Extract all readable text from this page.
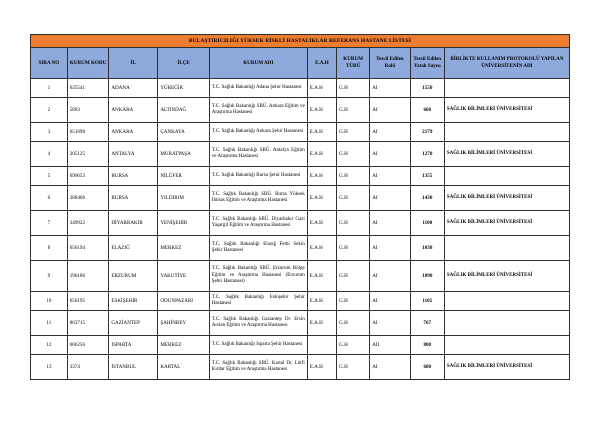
BULAŞTIRICILIĞI YÜKSEK RİSKLİ HASTALIKLAR REFERANS HASTANE LİSTESİ									
SIRA NO	KURUM KODU	İL	İLÇE	KURUM ADI	E.A.H	KURUM TÜRÜ	Tescil Edilen Rolü	Tescil Edilen Yatak Sayısı	BİRLİKTE KULLANIM PROTOKOLÜ YAPILAN ÜNİVERSİTENİN ADI
1	625541	ADANA	YÜREĞİR	T.C. Sağlık Bakanlığı Adana Şehir Hastanesi	E.A.H	G.H	AI	1550	
2	5893	ANKARA	ALTINDAĞ	T.C. Sağlık Bakanlığı SBÜ. Ankara Eğitim ve Araştırma Hastanesi	E.A.H	G.H	AI	668	SAĞLIK BİLİMLERİ ÜNİVERSİTESİ
3	651698	ANKARA	ÇANKAYA	T.C. Sağlık Bakanlığı Ankara Şehir Hastanesi	E.A.H	G.H	AI	2179	
4	205125	ANTALYA	MURATPAŞA	T.C. Sağlık Bakanlığı SBÜ. Antalya Eğitim ve Araştırma Hastanesi	E.A.H	G.H	AI	1270	SAĞLIK BİLİMLERİ ÜNİVERSİTESİ
5	690653	BURSA	NİLÜFER	T.C. Sağlık Bakanlığı Bursa Şehir Hastanesi	E.A.H	G.H	AI	1355	
6	388466	BURSA	YILDIRIM	T.C. Sağlık Bakanlığı SBÜ. Bursa Yüksek İhtisas Eğitim ve Araştırma Hastanesi	E.A.H	G.H	AI	1430	SAĞLIK BİLİMLERİ ÜNİVERSİTESİ
7	349922	DİYARBAKIR	YENİŞEHİR	T.C. Sağlık Bakanlığı SBÜ. Diyarbakır Gazi Yaşargil Eğitim ve Araştırma Hastanesi	E.A.H	G.H	AI	1100	SAĞLIK BİLİMLERİ ÜNİVERSİTESİ
8	656194	ELAZIĞ	MERKEZ	T.C. Sağlık Bakanlığı Elazığ Fethi Sekin Şehir Hastanesi	E.A.H	G.H	AI	1038	
9	196186	ERZURUM	YAKUTİYE	T.C. Sağlık Bakanlığı SBÜ. Erzurum Bölge Eğitim ve Araştırma Hastanesi (Erzurum Şehir Hastanesi)	E.A.H	G.H	AI	1090	SAĞLIK BİLİMLERİ ÜNİVERSİTESİ
10	656195	ESKİŞEHİR	ODUNPAZARI	T.C. Sağlık Bakanlığı Eskişehir Şehir Hastanesi	E.A.H	G.H	AI	1105	
11	863715	GAZİANTEP	ŞAHİNBEY	T.C. Sağlık Bakanlığı Gaziantep Dr. Ersin Arslan Eğitim ve Araştırma Hastanesi	E.A.H	G.H	AI	767	
12	606256	ISPARTA	MERKEZ	T.C. Sağlık Bakanlığı Isparta Şehir Hastanesi		G.H	AII	800	
13	3374	İSTANBUL	KARTAL	T.C. Sağlık Bakanlığı SBÜ. Kartal Dr. Lütfi Kırdar Eğitim ve Araştırma Hastanesi	E.A.H	G.H	AI	680	SAĞLIK BİLİMLERİ ÜNİVERSİTESİ
